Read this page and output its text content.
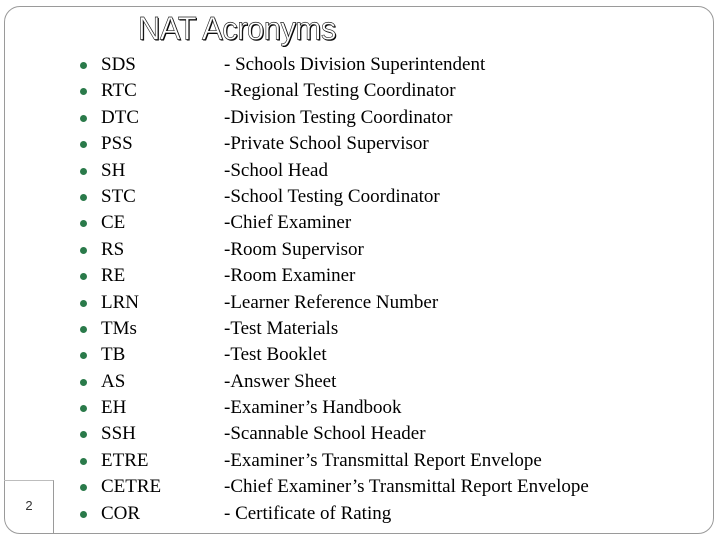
NAT Acronyms
2
SDS	- Schools Division Superintendent
RTC	-Regional Testing Coordinator
DTC	-Division Testing Coordinator
PSS	-Private School Supervisor
SH	-School Head
STC	-School Testing Coordinator
CE	-Chief Examiner
RS	-Room Supervisor
RE	-Room Examiner
LRN	-Learner Reference Number
TMs	-Test Materials
TB	-Test Booklet
AS	-Answer Sheet
EH	-Examiner’s Handbook
SSH	-Scannable School Header
ETRE	-Examiner’s Transmittal Report Envelope
CETRE	-Chief Examiner’s Transmittal Report Envelope
COR	- Certificate of Rating
